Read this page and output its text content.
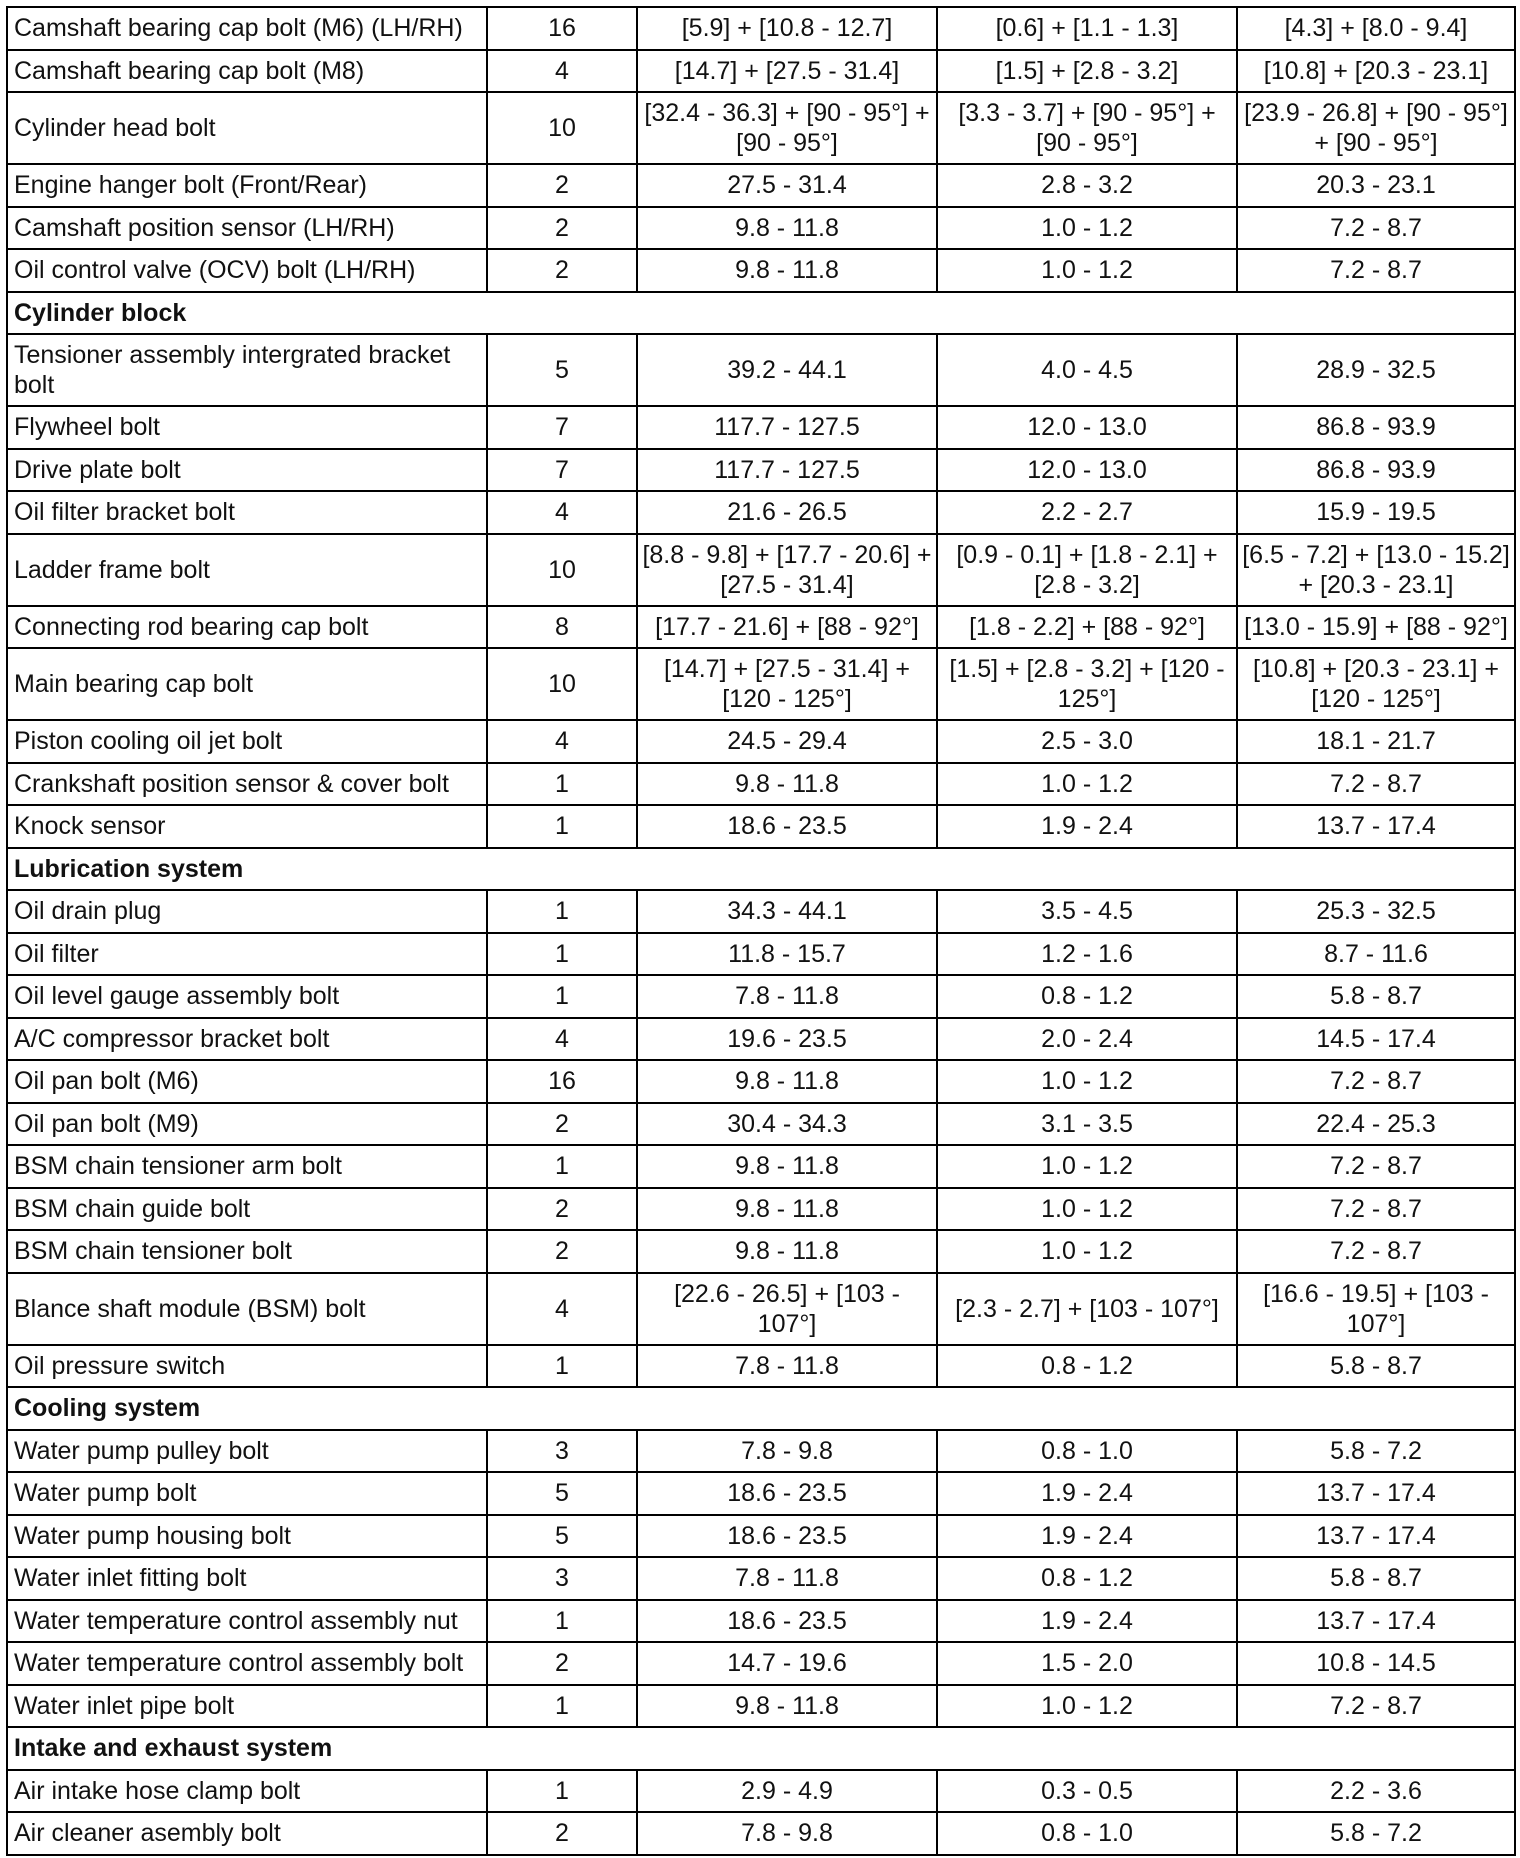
Camshaft bearing cap bolt (M6) (LH/RH)	16	[5.9] + [10.8 - 12.7]	[0.6] + [1.1 - 1.3]	[4.3] + [8.0 - 9.4]
Camshaft bearing cap bolt (M8)	4	[14.7] + [27.5 - 31.4]	[1.5] + [2.8 - 3.2]	[10.8] + [20.3 - 23.1]
Cylinder head bolt	10	[32.4 - 36.3] + [90 - 95°] + [90 - 95°]	[3.3 - 3.7] + [90 - 95°] + [90 - 95°]	[23.9 - 26.8] + [90 - 95°] + [90 - 95°]
Engine hanger bolt (Front/Rear)	2	27.5 - 31.4	2.8 - 3.2	20.3 - 23.1
Camshaft position sensor (LH/RH)	2	9.8 - 11.8	1.0 - 1.2	7.2 - 8.7
Oil control valve (OCV) bolt (LH/RH)	2	9.8 - 11.8	1.0 - 1.2	7.2 - 8.7
Cylinder block				
Tensioner assembly intergrated bracket bolt	5	39.2 - 44.1	4.0 - 4.5	28.9 - 32.5
Flywheel bolt	7	117.7 - 127.5	12.0 - 13.0	86.8 - 93.9
Drive plate bolt	7	117.7 - 127.5	12.0 - 13.0	86.8 - 93.9
Oil filter bracket bolt	4	21.6 - 26.5	2.2 - 2.7	15.9 - 19.5
Ladder frame bolt	10	[8.8 - 9.8] + [17.7 - 20.6] + [27.5 - 31.4]	[0.9 - 0.1] + [1.8 - 2.1] + [2.8 - 3.2]	[6.5 - 7.2] + [13.0 - 15.2] + [20.3 - 23.1]
Connecting rod bearing cap bolt	8	[17.7 - 21.6] + [88 - 92°]	[1.8 - 2.2] + [88 - 92°]	[13.0 - 15.9] + [88 - 92°]
Main bearing cap bolt	10	[14.7] + [27.5 - 31.4] + [120 - 125°]	[1.5] + [2.8 - 3.2] + [120 - 125°]	[10.8] + [20.3 - 23.1] + [120 - 125°]
Piston cooling oil jet bolt	4	24.5 - 29.4	2.5 - 3.0	18.1 - 21.7
Crankshaft position sensor & cover bolt	1	9.8 - 11.8	1.0 - 1.2	7.2 - 8.7
Knock sensor	1	18.6 - 23.5	1.9 - 2.4	13.7 - 17.4
Lubrication system				
Oil drain plug	1	34.3 - 44.1	3.5 - 4.5	25.3 - 32.5
Oil filter	1	11.8 - 15.7	1.2 - 1.6	8.7 - 11.6
Oil level gauge assembly bolt	1	7.8 - 11.8	0.8 - 1.2	5.8 - 8.7
A/C compressor bracket bolt	4	19.6 - 23.5	2.0 - 2.4	14.5 - 17.4
Oil pan bolt (M6)	16	9.8 - 11.8	1.0 - 1.2	7.2 - 8.7
Oil pan bolt (M9)	2	30.4 - 34.3	3.1 - 3.5	22.4 - 25.3
BSM chain tensioner arm bolt	1	9.8 - 11.8	1.0 - 1.2	7.2 - 8.7
BSM chain guide bolt	2	9.8 - 11.8	1.0 - 1.2	7.2 - 8.7
BSM chain tensioner bolt	2	9.8 - 11.8	1.0 - 1.2	7.2 - 8.7
Blance shaft module (BSM) bolt	4	[22.6 - 26.5] + [103 - 107°]	[2.3 - 2.7] + [103 - 107°]	[16.6 - 19.5] + [103 - 107°]
Oil pressure switch	1	7.8 - 11.8	0.8 - 1.2	5.8 - 8.7
Cooling system				
Water pump pulley bolt	3	7.8 - 9.8	0.8 - 1.0	5.8 - 7.2
Water pump bolt	5	18.6 - 23.5	1.9 - 2.4	13.7 - 17.4
Water pump housing bolt	5	18.6 - 23.5	1.9 - 2.4	13.7 - 17.4
Water inlet fitting bolt	3	7.8 - 11.8	0.8 - 1.2	5.8 - 8.7
Water temperature control assembly nut	1	18.6 - 23.5	1.9 - 2.4	13.7 - 17.4
Water temperature control assembly bolt	2	14.7 - 19.6	1.5 - 2.0	10.8 - 14.5
Water inlet pipe bolt	1	9.8 - 11.8	1.0 - 1.2	7.2 - 8.7
Intake and exhaust system				
Air intake hose clamp bolt	1	2.9 - 4.9	0.3 - 0.5	2.2 - 3.6
Air cleaner asembly bolt	2	7.8 - 9.8	0.8 - 1.0	5.8 - 7.2
